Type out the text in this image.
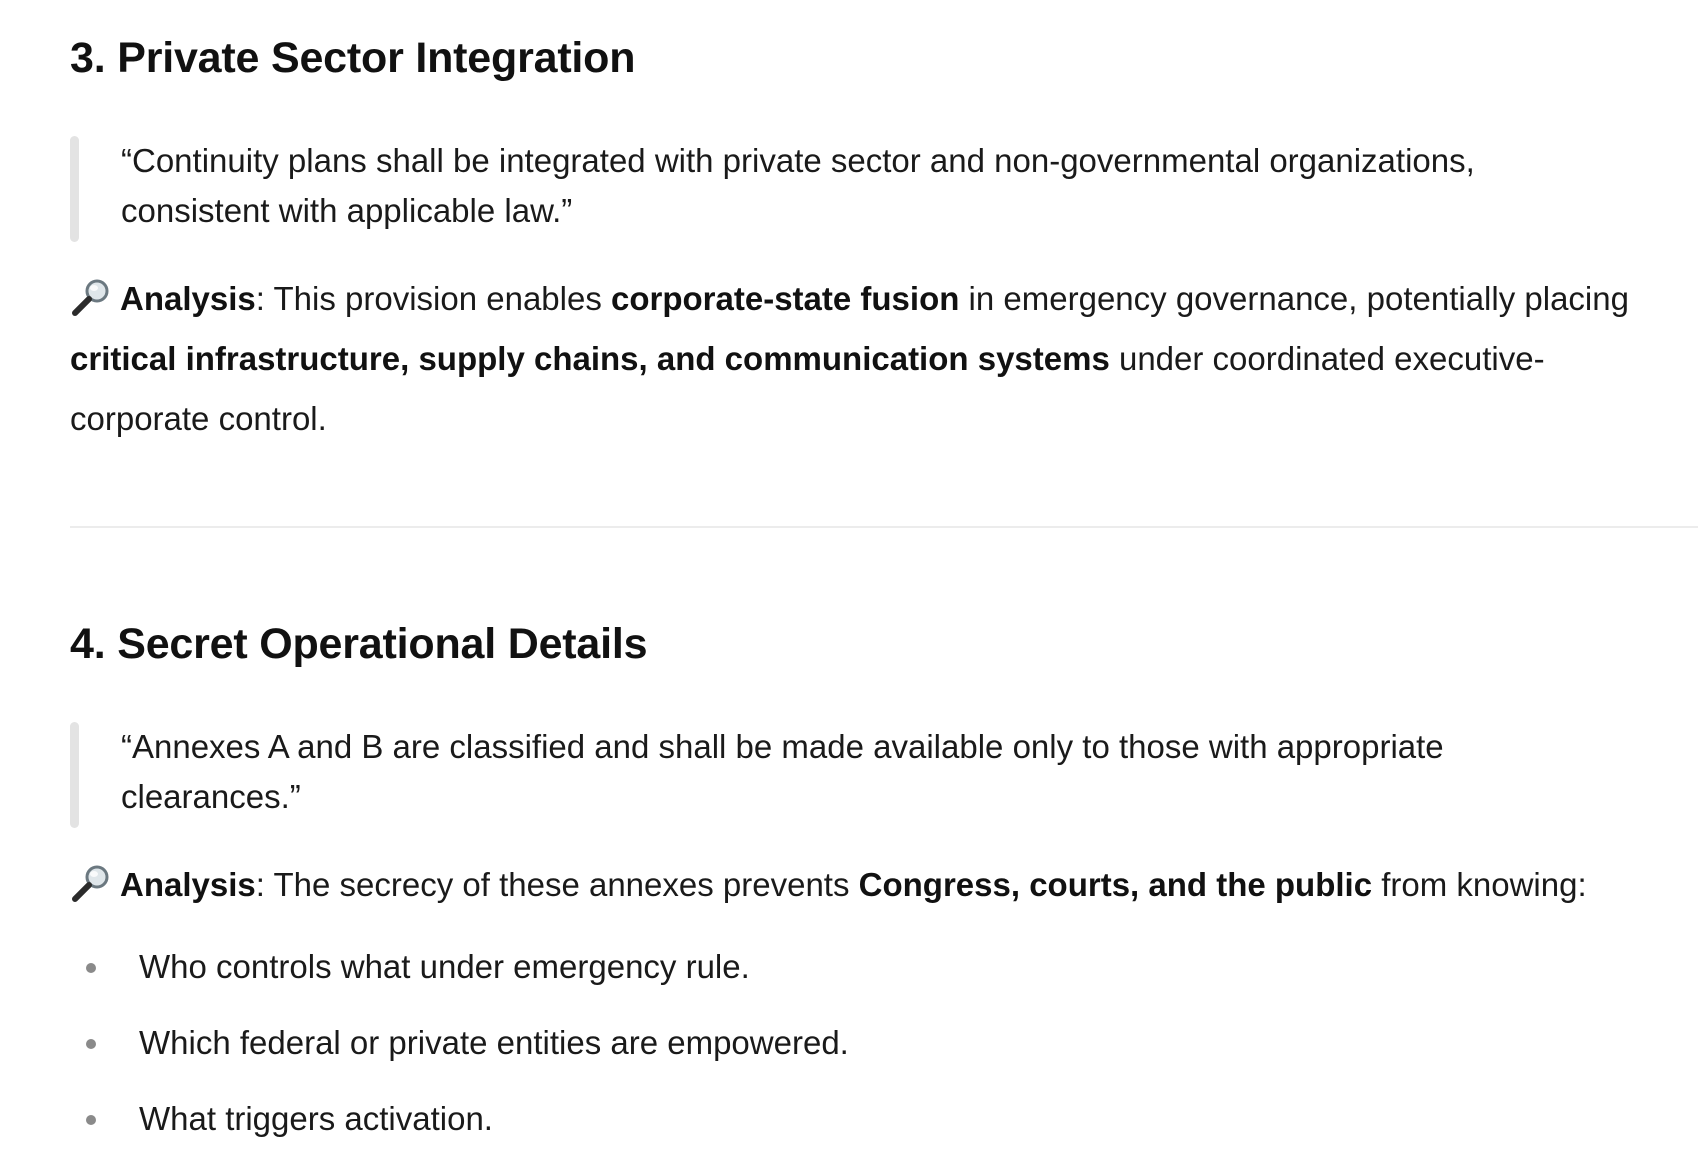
3. Private Sector Integration
“Continuity plans shall be integrated with private sector and non-governmental organizations,
consistent with applicable law.”
Analysis: This provision enables corporate-state fusion in emergency governance, potentially placing critical infrastructure, supply chains, and communication systems under coordinated executive-corporate control.
4. Secret Operational Details
“Annexes A and B are classified and shall be made available only to those with appropriate
clearances.”
Analysis: The secrecy of these annexes prevents Congress, courts, and the public from knowing:
Who controls what under emergency rule.
Which federal or private entities are empowered.
What triggers activation.
